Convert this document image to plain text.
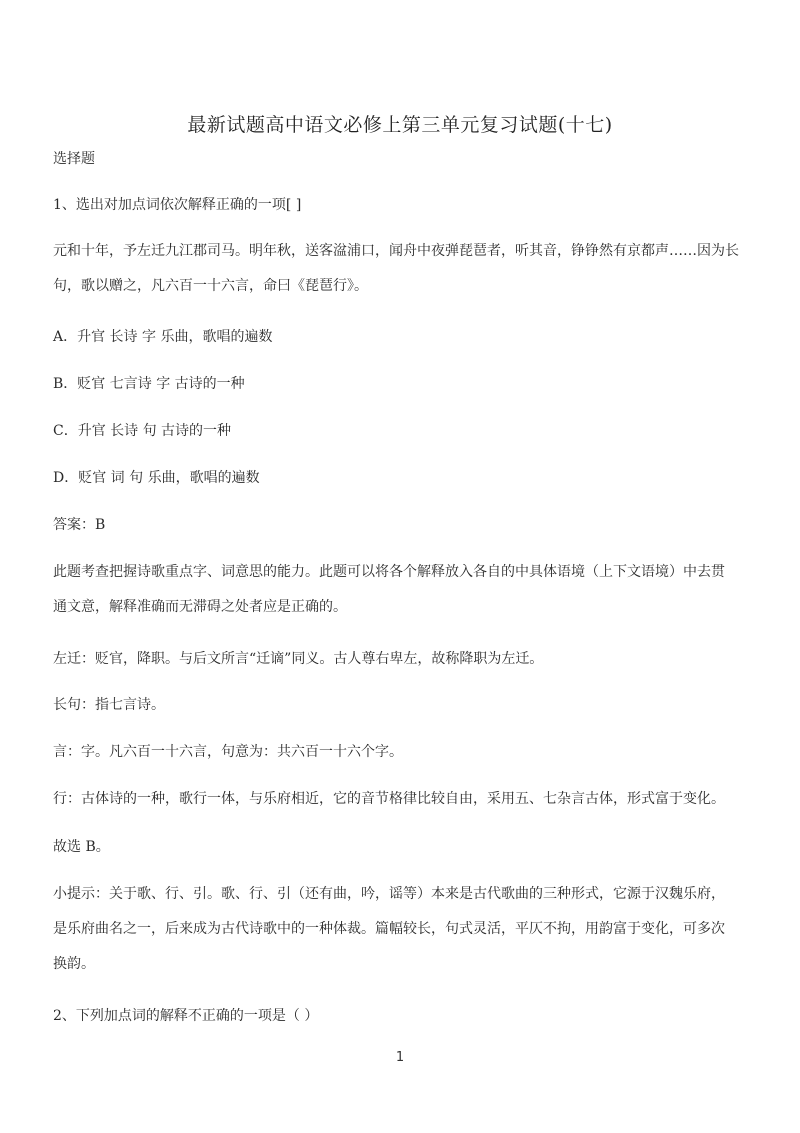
最新试题高中语文必修上第三单元复习试题(十七)
选择题
1、选出对加点词依次解释正确的一项[ ]
元和十年，予左迁九江郡司马。明年秋，送客湓浦口，闻舟中夜弹琵琶者，听其音，铮铮然有京都声……因为长
句，歌以赠之，凡六百一十六言，命曰《琵琶行》。
A．升官 长诗 字 乐曲，歌唱的遍数
B．贬官 七言诗 字 古诗的一种
C．升官 长诗 句 古诗的一种
D．贬官 词 句 乐曲，歌唱的遍数
答案：B
此题考查把握诗歌重点字、词意思的能力。此题可以将各个解释放入各自的中具体语境（上下文语境）中去贯
通文意，解释准确而无滞碍之处者应是正确的。
左迁：贬官，降职。与后文所言“迁谪”同义。古人尊右卑左，故称降职为左迁。
长句：指七言诗。
言：字。凡六百一十六言，句意为：共六百一十六个字。
行：古体诗的一种，歌行一体，与乐府相近，它的音节格律比较自由，采用五、七杂言古体，形式富于变化。
故选 B。
小提示：关于歌、行、引。歌、行、引（还有曲，吟，谣等）本来是古代歌曲的三种形式，它源于汉魏乐府，
是乐府曲名之一，后来成为古代诗歌中的一种体裁。篇幅较长，句式灵活，平仄不拘，用韵富于变化，可多次
换韵。
2、下列加点词的解释不正确的一项是（ ）
1
